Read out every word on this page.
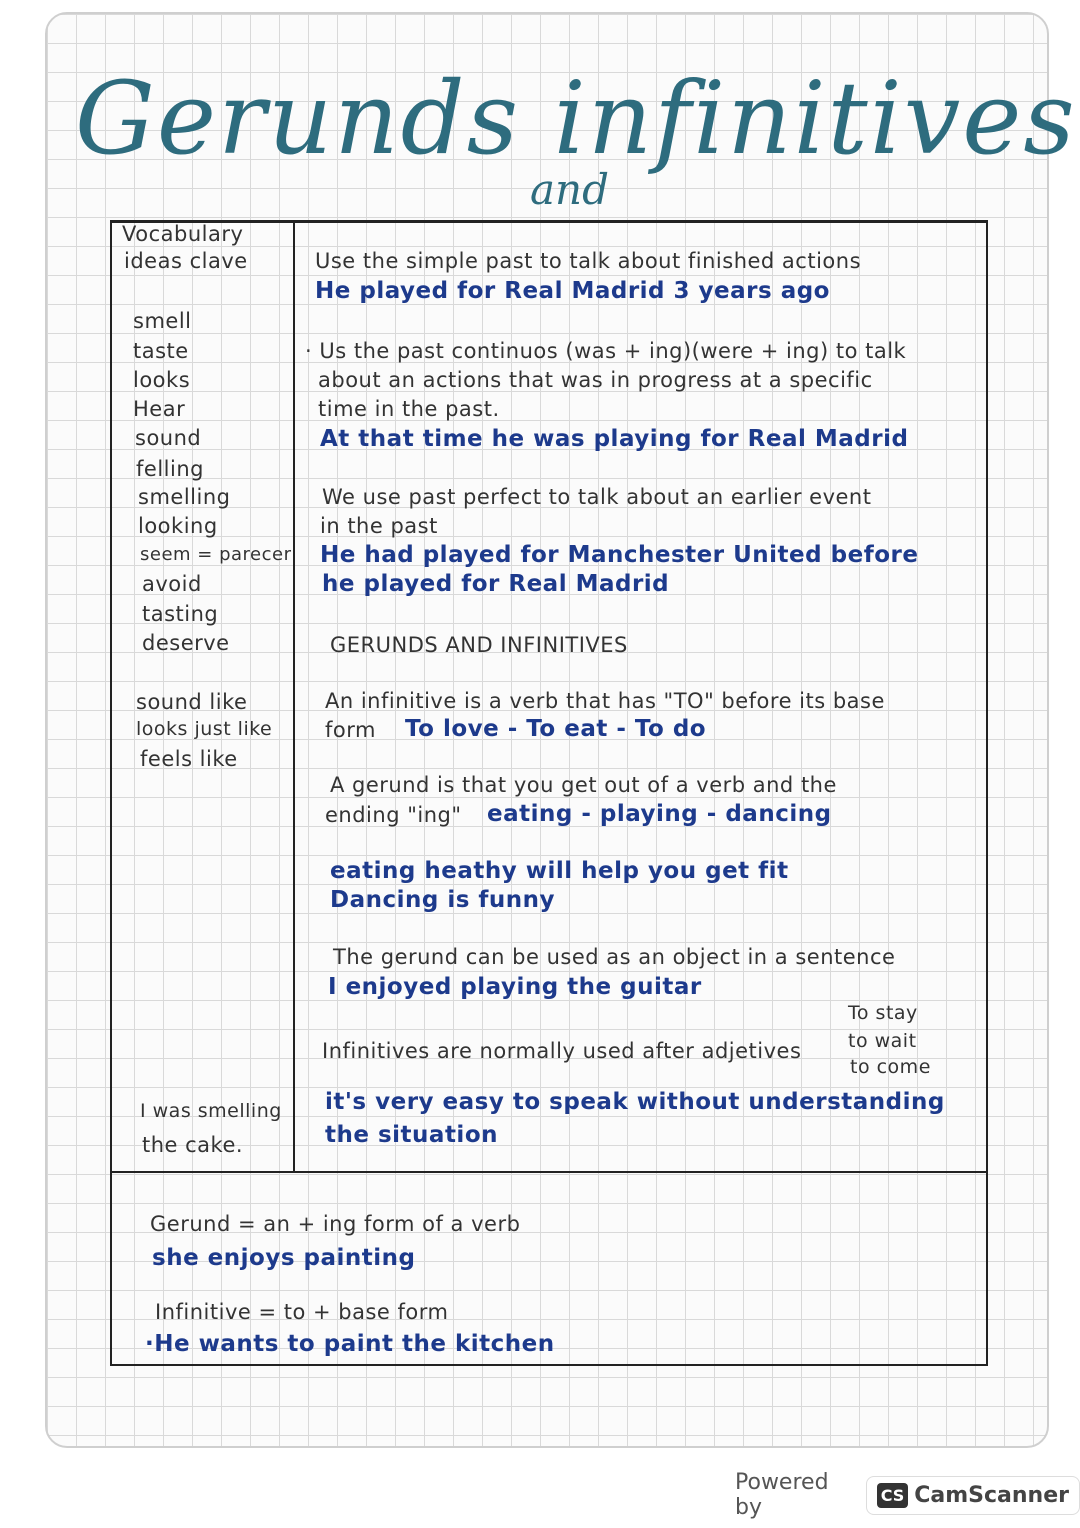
Gerunds infinitives
and
Vocabulary
ideas clave
smell
taste
looks
Hear
sound
felling
smelling
looking
seem = parecer
avoid
tasting
deserve
sound like
looks just like
feels like
I was smelling
the cake.
Use the simple past to talk about finished actions
He played for Real Madrid 3 years ago
· Us the past continuos (was + ing)(were + ing) to talk
about an actions that was in progress at a specific
time in the past.
At that time he was playing for Real Madrid
We use past perfect to talk about an earlier event
in the past
He had played for Manchester United before
he played for Real Madrid
GERUNDS AND INFINITIVES
An infinitive is a verb that has "TO" before its base
form To love - To eat - To do
A gerund is that you get out of a verb and the
ending "ing" eating - playing - dancing
eating heathy will help you get fit
Dancing is funny
The gerund can be used as an object in a sentence
I enjoyed playing the guitar
Infinitives are normally used after adjetives
To stay
to wait
to come
it's very easy to speak without understanding
the situation
Gerund = an + ing form of a verb
she enjoys painting
Infinitive = to + base form
·He wants to paint the kitchen
Powered by	CS CamScanner
